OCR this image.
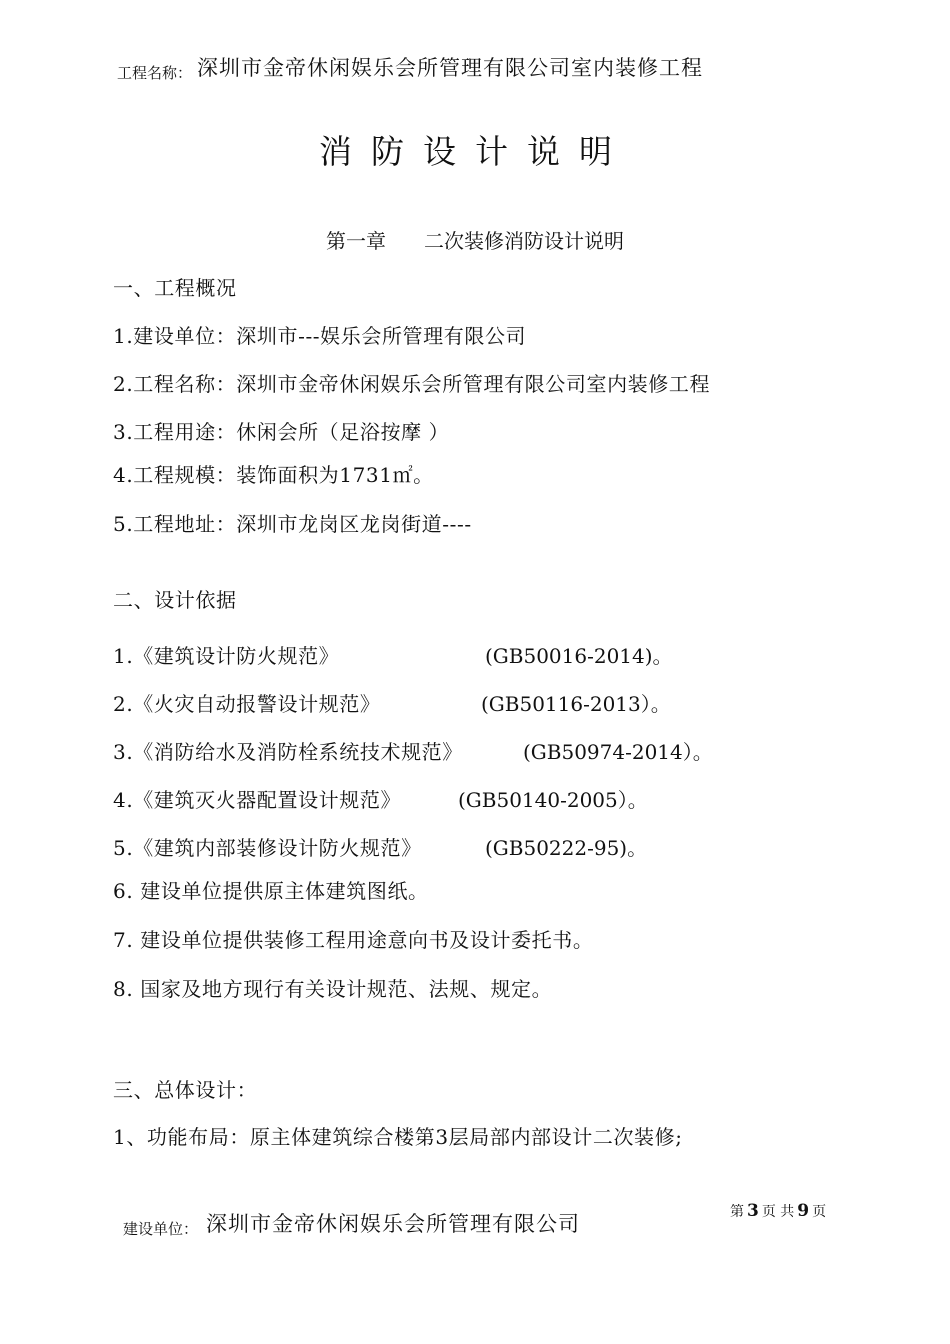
工程名称： 深圳市金帝休闲娱乐会所管理有限公司室内装修工程
消防设计说明
第一章 二次装修消防设计说明
一、工程概况
1.建设单位：深圳市---娱乐会所管理有限公司
2.工程名称：深圳市金帝休闲娱乐会所管理有限公司室内装修工程
3.工程用途：休闲会所（足浴按摩 ）
4.工程规模：装饰面积为1731㎡。
5.工程地址：深圳市龙岗区龙岗街道----
二、设计依据
1.《建筑设计防火规范》	(GB50016-2014)。
2.《火灾自动报警设计规范》	(GB50116-2013）。
3.《消防给水及消防栓系统技术规范》	(GB50974-2014）。
4.《建筑灭火器配置设计规范》	(GB50140-2005）。
5.《建筑内部装修设计防火规范》	(GB50222-95)。
6. 建设单位提供原主体建筑图纸。
7. 建设单位提供装修工程用途意向书及设计委托书。
8. 国家及地方现行有关设计规范、法规、规定。
三、总体设计：
1、功能布局：原主体建筑综合楼第3层局部内部设计二次装修;
建设单位： 深圳市金帝休闲娱乐会所管理有限公司	第 3 页 共 9 页
